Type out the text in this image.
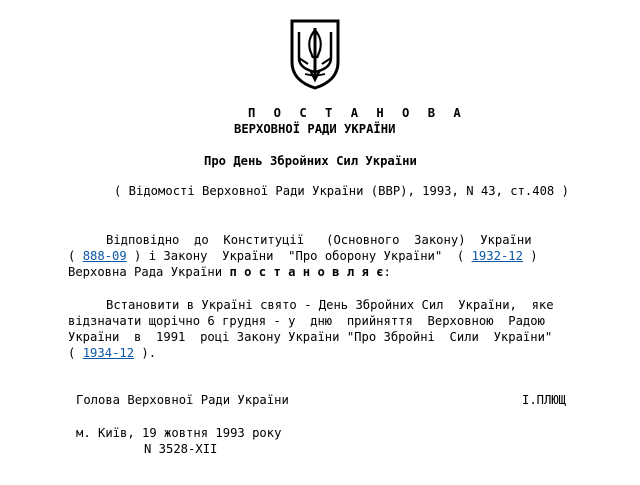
П О С Т А Н О В А
ВЕРХОВНОЇ РАДИ УКРАЇНИ
Про День Збройних Сил України
( Відомості Верховної Ради України (ВВР), 1993, N 43, ст.408 )
Відповідно  до  Конституції   (Основного  Закону)  України
( 888-09 ) і Закону  України  "Про оборону України"  ( 1932-12 )
Верховна Рада України п о с т а н о в л я є:
Встановити в Україні свято - День Збройних Сил  України,  яке
відзначати щорічно 6 грудня - у  дню  прийняття  Верховною  Радою
України  в  1991  році Закону України "Про Збройні  Сили  України"
( 1934-12 ).
Голова Верховної Ради України	І.ПЛЮЩ
м. Київ, 19 жовтня 1993 року
N 3528-XII
